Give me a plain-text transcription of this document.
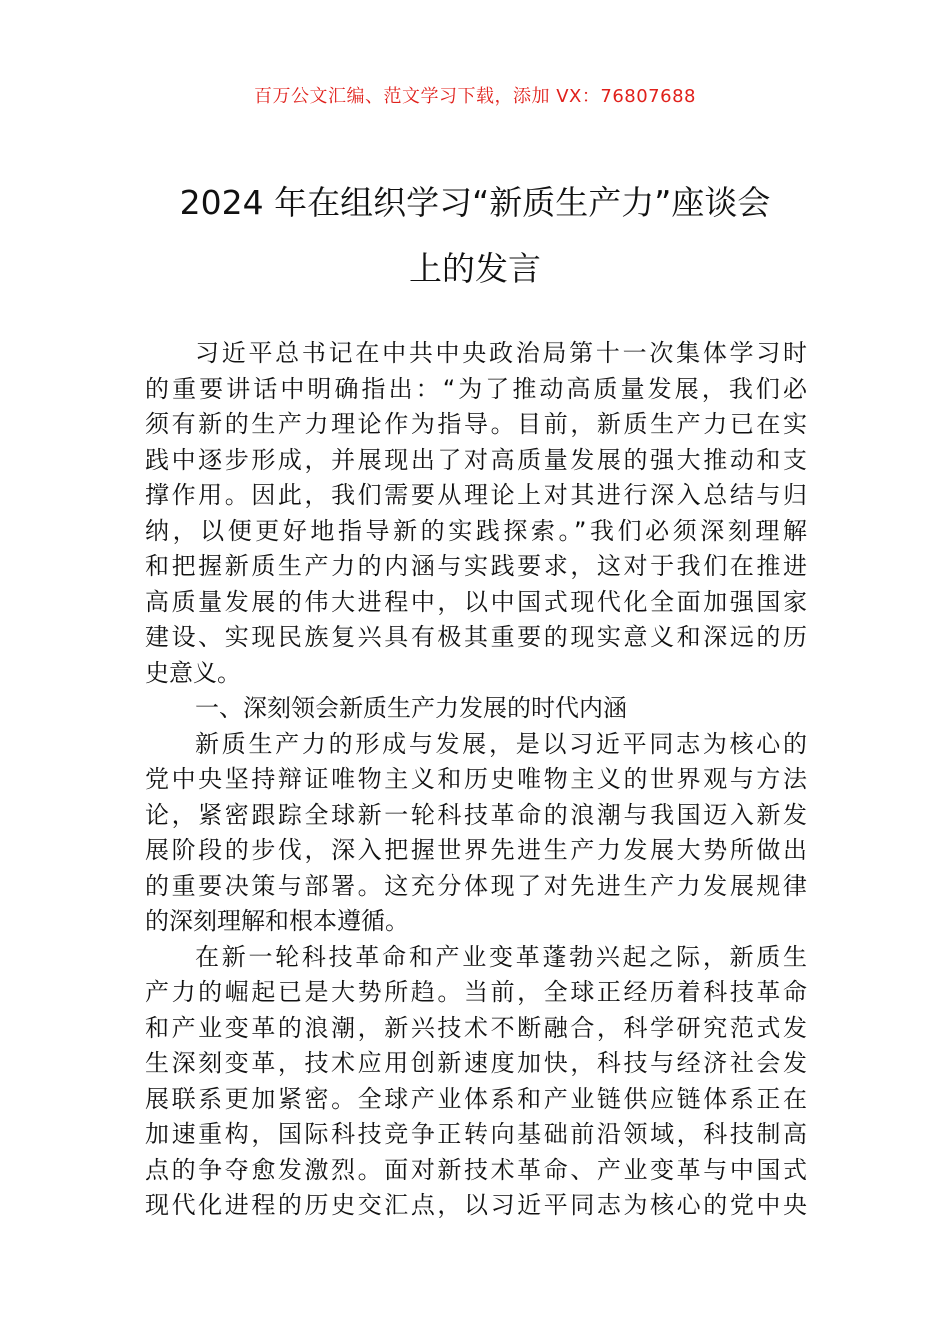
百万公文汇编、范文学习下载，添加 VX：76807688
2024 年在组织学习“新质生产力”座谈会
上的发言
习近平总书记在中共中央政治局第十一次集体学习时
的重要讲话中明确指出：“为了推动高质量发展，我们必
须有新的生产力理论作为指导。目前，新质生产力已在实
践中逐步形成，并展现出了对高质量发展的强大推动和支
撑作用。因此，我们需要从理论上对其进行深入总结与归
纳，以便更好地指导新的实践探索。”我们必须深刻理解
和把握新质生产力的内涵与实践要求，这对于我们在推进
高质量发展的伟大进程中，以中国式现代化全面加强国家
建设、实现民族复兴具有极其重要的现实意义和深远的历
史意义。
一、深刻领会新质生产力发展的时代内涵
新质生产力的形成与发展，是以习近平同志为核心的
党中央坚持辩证唯物主义和历史唯物主义的世界观与方法
论，紧密跟踪全球新一轮科技革命的浪潮与我国迈入新发
展阶段的步伐，深入把握世界先进生产力发展大势所做出
的重要决策与部署。这充分体现了对先进生产力发展规律
的深刻理解和根本遵循。
在新一轮科技革命和产业变革蓬勃兴起之际，新质生
产力的崛起已是大势所趋。当前，全球正经历着科技革命
和产业变革的浪潮，新兴技术不断融合，科学研究范式发
生深刻变革，技术应用创新速度加快，科技与经济社会发
展联系更加紧密。全球产业体系和产业链供应链体系正在
加速重构，国际科技竞争正转向基础前沿领域，科技制高
点的争夺愈发激烈。面对新技术革命、产业变革与中国式
现代化进程的历史交汇点，以习近平同志为核心的党中央
